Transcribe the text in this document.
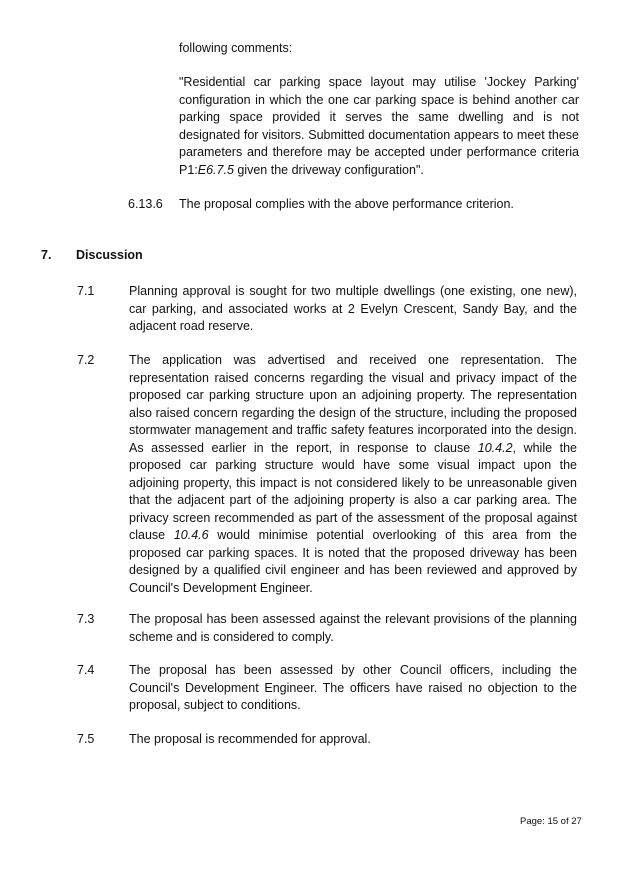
following comments:
"Residential car parking space layout may utilise 'Jockey Parking' configuration in which the one car parking space is behind another car parking space provided it serves the same dwelling and is not designated for visitors. Submitted documentation appears to meet these parameters and therefore may be accepted under performance criteria P1:E6.7.5 given the driveway configuration".
6.13.6 The proposal complies with the above performance criterion.
7. Discussion
7.1	Planning approval is sought for two multiple dwellings (one existing, one new), car parking, and associated works at 2 Evelyn Crescent, Sandy Bay, and the adjacent road reserve.
7.2	The application was advertised and received one representation. The representation raised concerns regarding the visual and privacy impact of the proposed car parking structure upon an adjoining property. The representation also raised concern regarding the design of the structure, including the proposed stormwater management and traffic safety features incorporated into the design. As assessed earlier in the report, in response to clause 10.4.2, while the proposed car parking structure would have some visual impact upon the adjoining property, this impact is not considered likely to be unreasonable given that the adjacent part of the adjoining property is also a car parking area. The privacy screen recommended as part of the assessment of the proposal against clause 10.4.6 would minimise potential overlooking of this area from the proposed car parking spaces. It is noted that the proposed driveway has been designed by a qualified civil engineer and has been reviewed and approved by Council's Development Engineer.
7.3	The proposal has been assessed against the relevant provisions of the planning scheme and is considered to comply.
7.4	The proposal has been assessed by other Council officers, including the Council's Development Engineer. The officers have raised no objection to the proposal, subject to conditions.
7.5	The proposal is recommended for approval.
Page: 15 of 27
